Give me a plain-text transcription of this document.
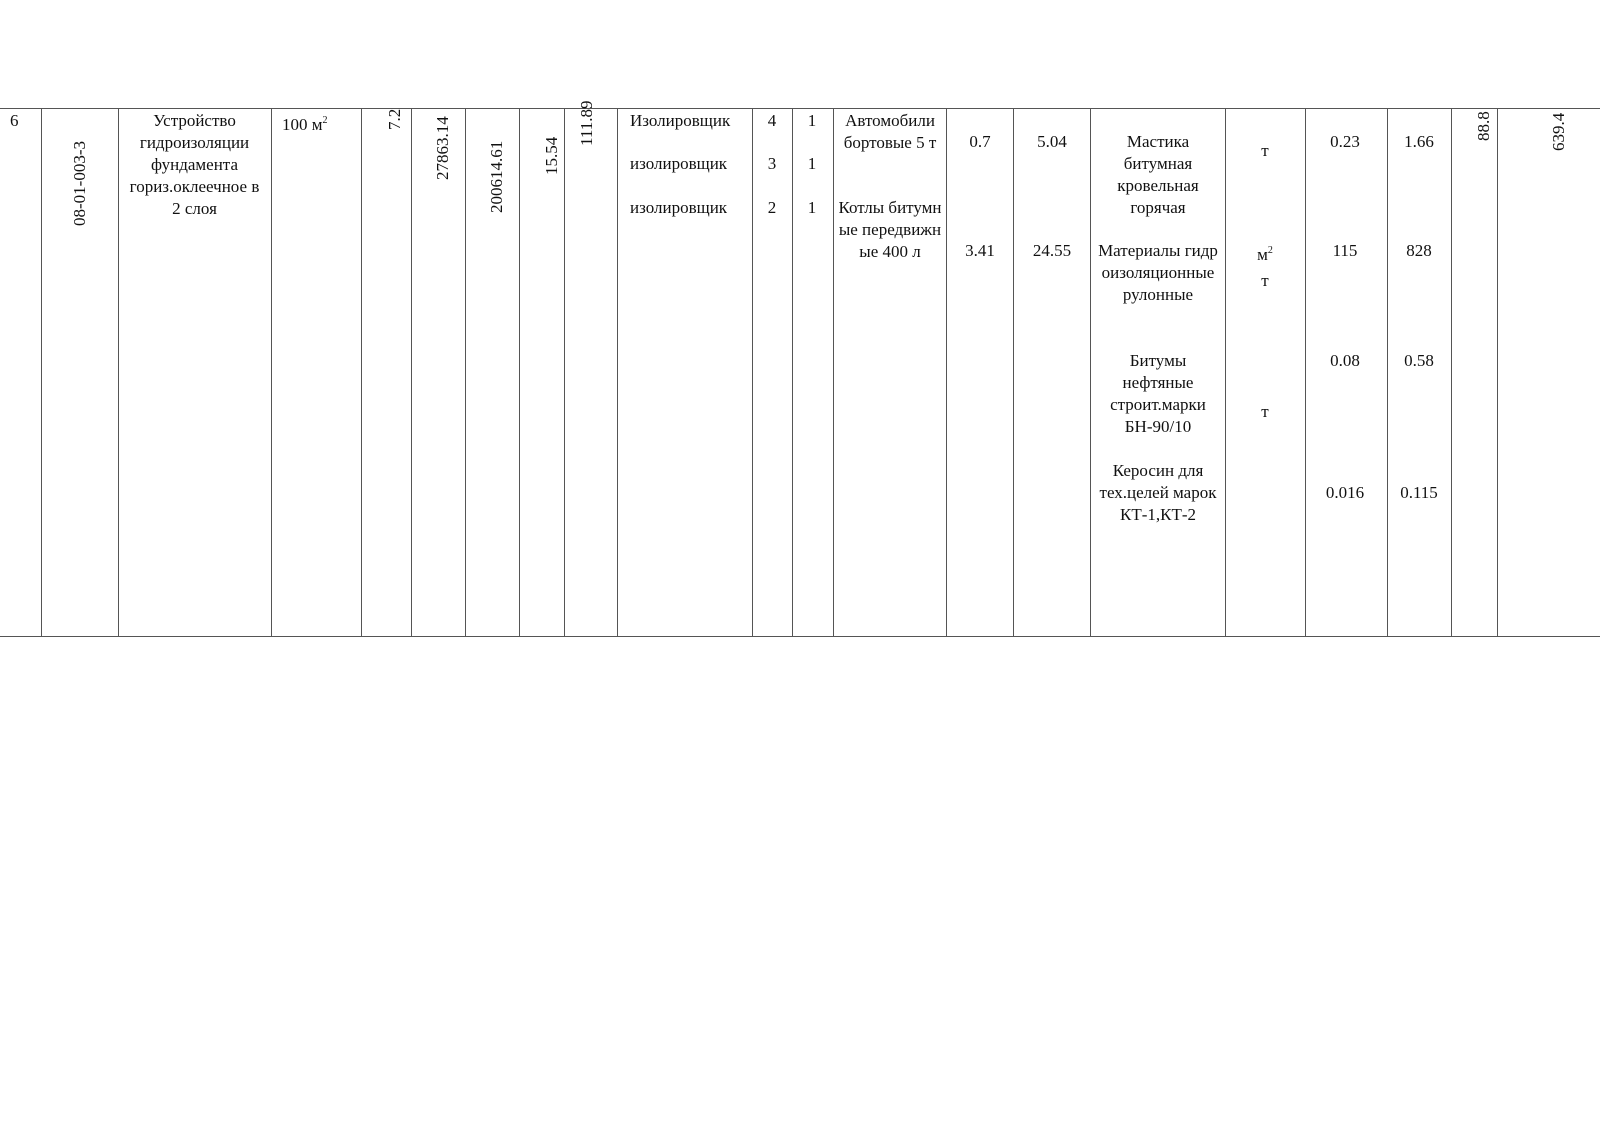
6
08-01-003-3
Устройство гидроизоляции фундамента гориз.оклеечное в 2 слоя
100 $м^2$	7.2 27863.14 200614.61 15.54
111.89 Изолировщик
изолировщик
изолировщик
4
3
2
1
1
1
Автомобили бортовые 5 т
Котлы битумные передвижные 400 л
0.7
3.41
5.04
24.55
Мастика битумная кровельная горячая
Материалы гидроизоляционные рулонные
Битумы нефтяные строит.марки БН-90/10
Керосин для тех.целей марок КТ-1,КТ-2
т
$м^2$
т
т
0.23
115
0.08
0.016
1.66
828
0.58
0.115
88.8	639.4
